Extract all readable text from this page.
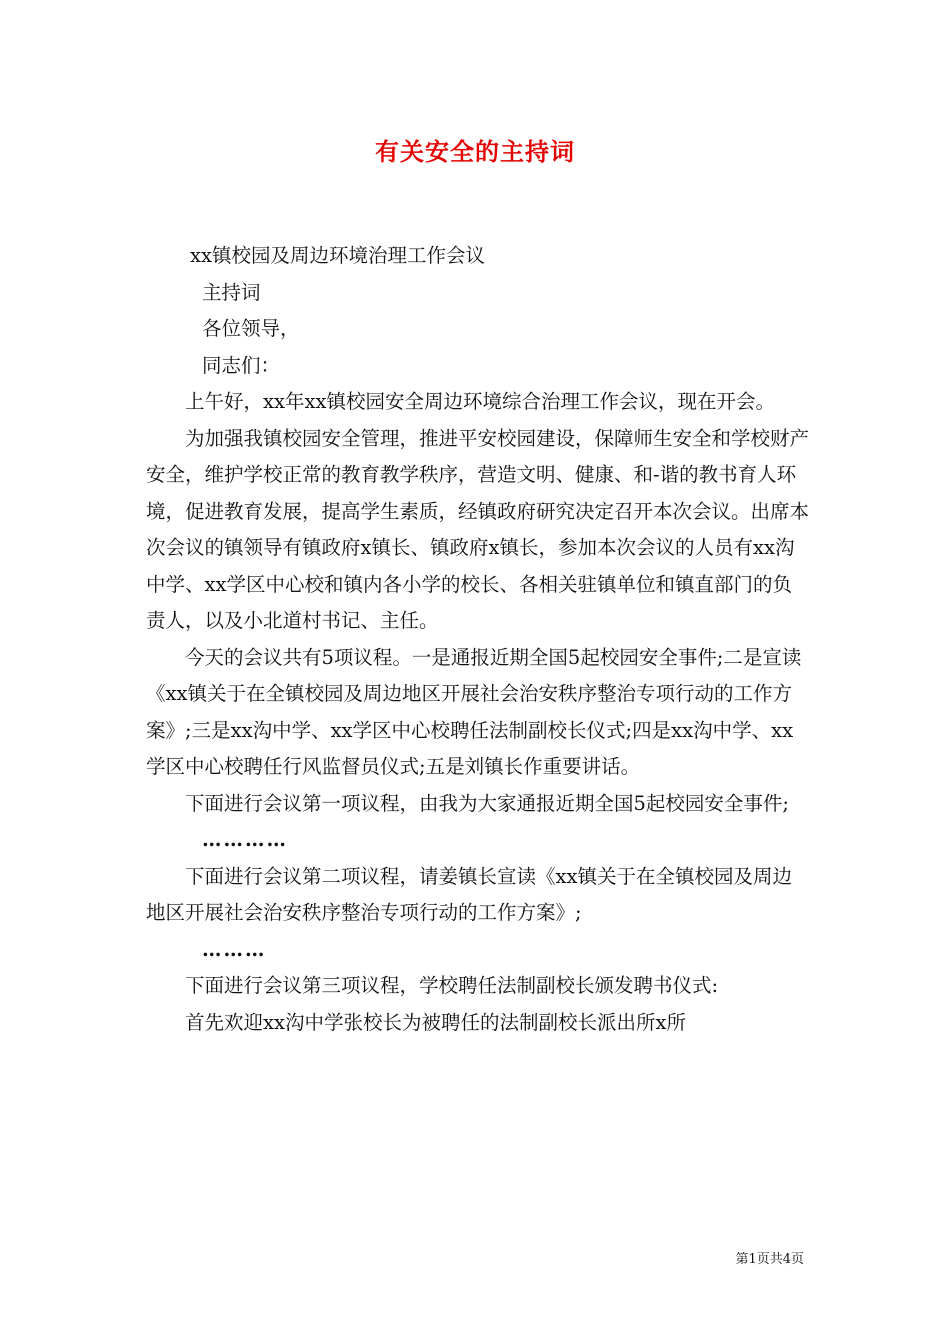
有关安全的主持词

xx镇校园及周边环境治理工作会议

主持词

各位领导，

同志们：

上午好，xx年xx镇校园安全周边环境综合治理工作会议，现在开会。

为加强我镇校园安全管理，推进平安校园建设，保障师生安全和学校财产安全，维护学校正常的教育教学秩序，营造文明、健康、和-谐的教书育人环境，促进教育发展，提高学生素质，经镇政府研究决定召开本次会议。出席本次会议的镇领导有镇政府x镇长、镇政府x镇长，参加本次会议的人员有xx沟中学、xx学区中心校和镇内各小学的校长、各相关驻镇单位和镇直部门的负责人，以及小北道村书记、主任。

今天的会议共有5项议程。一是通报近期全国5起校园安全事件;二是宣读《xx镇关于在全镇校园及周边地区开展社会治安秩序整治专项行动的工作方案》;三是xx沟中学、xx学区中心校聘任法制副校长仪式;四是xx沟中学、xx学区中心校聘任行风监督员仪式;五是刘镇长作重要讲话。

下面进行会议第一项议程，由我为大家通报近期全国5起校园安全事件;

…………

下面进行会议第二项议程，请姜镇长宣读《xx镇关于在全镇校园及周边地区开展社会治安秩序整治专项行动的工作方案》;

………

下面进行会议第三项议程，学校聘任法制副校长颁发聘书仪式:

首先欢迎xx沟中学张校长为被聘任的法制副校长派出所x所

第1页共4页
